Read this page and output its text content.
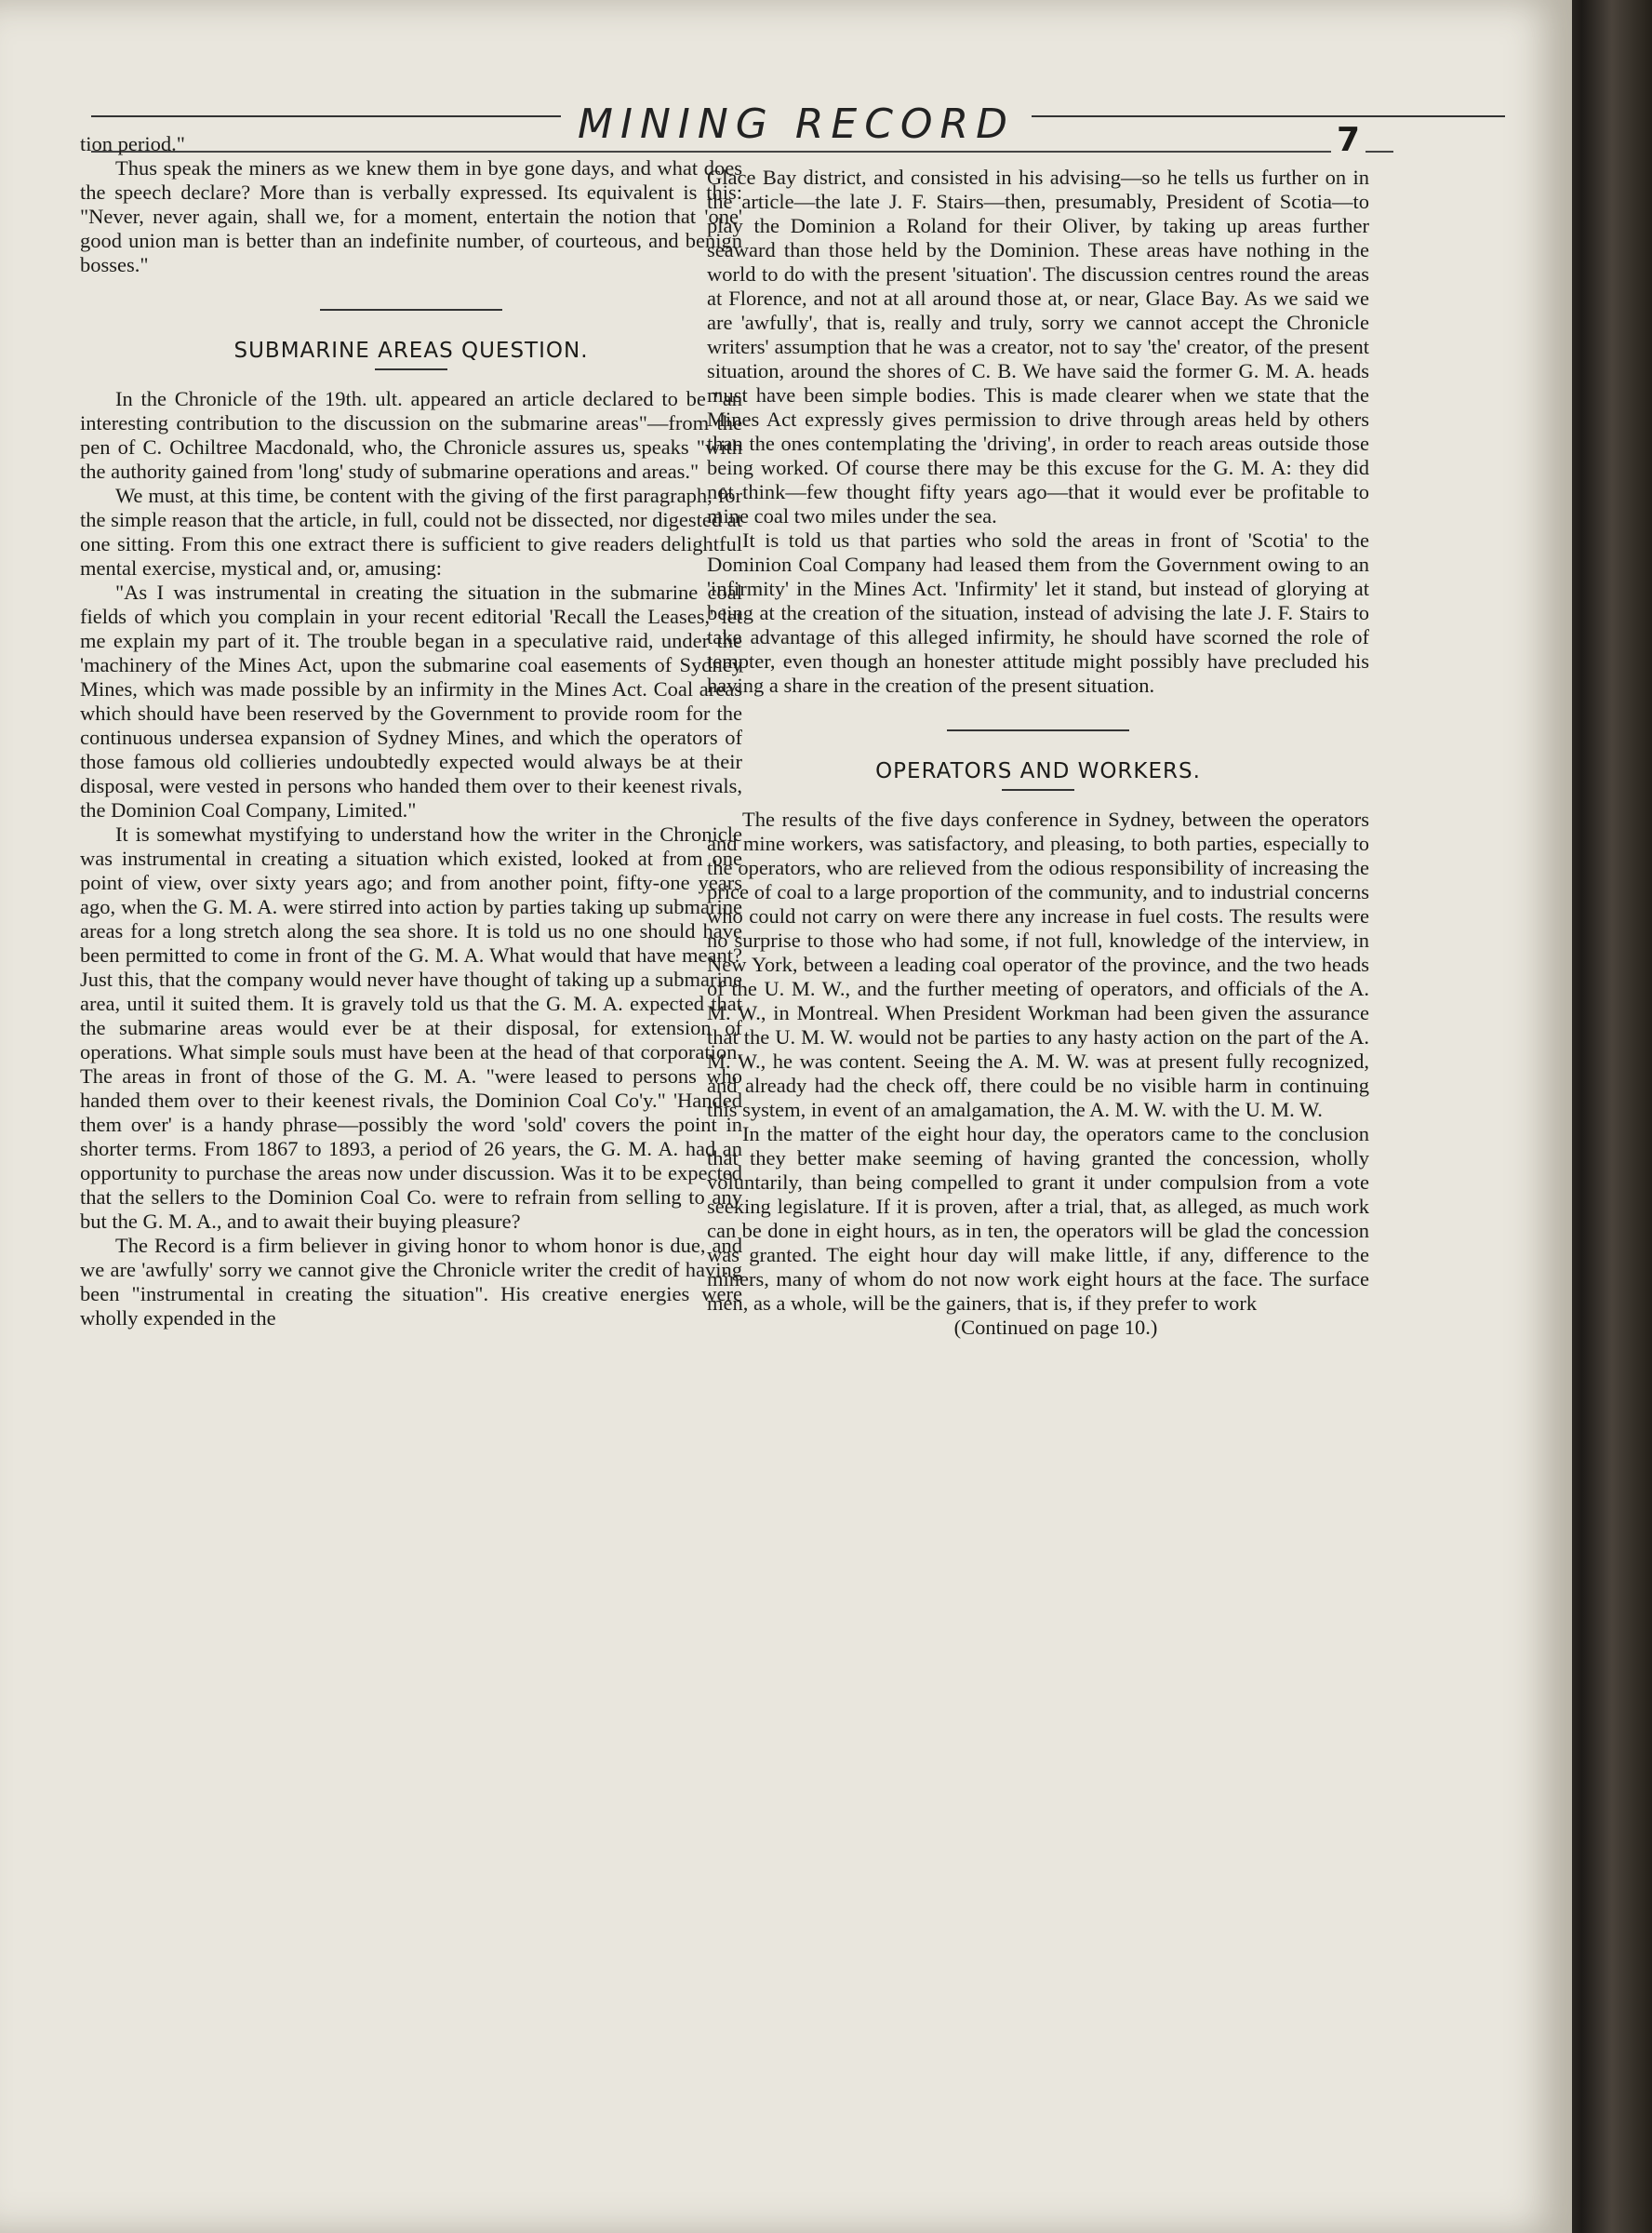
MINING RECORD	7

tion period."

Thus speak the miners as we knew them in bye gone days, and what does the speech declare? More than is verbally expressed. Its equivalent is this: "Never, never again, shall we, for a moment, entertain the notion that 'one' good union man is better than an indefinite number, of courteous, and benign bosses."

SUBMARINE AREAS QUESTION.

In the Chronicle of the 19th. ult. appeared an article declared to be "an interesting contribution to the discussion on the submarine areas"—from the pen of C. Ochiltree Macdonald, who, the Chronicle assures us, speaks "with the authority gained from 'long' study of submarine operations and areas."

We must, at this time, be content with the giving of the first paragraph, for the simple reason that the article, in full, could not be dissected, nor digested at one sitting. From this one extract there is sufficient to give readers delightful mental exercise, mystical and, or, amusing:

"As I was instrumental in creating the situation in the submarine coal fields of which you complain in your recent editorial 'Recall the Leases,' let me explain my part of it. The trouble began in a speculative raid, under the 'machinery of the Mines Act, upon the submarine coal easements of Sydney Mines, which was made possible by an infirmity in the Mines Act. Coal areas which should have been reserved by the Government to provide room for the continuous undersea expansion of Sydney Mines, and which the operators of those famous old collieries undoubtedly expected would always be at their disposal, were vested in persons who handed them over to their keenest rivals, the Dominion Coal Company, Limited."

It is somewhat mystifying to understand how the writer in the Chronicle was instrumental in creating a situation which existed, looked at from one point of view, over sixty years ago; and from another point, fifty-one years ago, when the G. M. A. were stirred into action by parties taking up submarine areas for a long stretch along the sea shore. It is told us no one should have been permitted to come in front of the G. M. A. What would that have meant? Just this, that the company would never have thought of taking up a submarine area, until it suited them. It is gravely told us that the G. M. A. expected that the submarine areas would ever be at their disposal, for extension of operations. What simple souls must have been at the head of that corporation. The areas in front of those of the G. M. A. "were leased to persons who handed them over to their keenest rivals, the Dominion Coal Co'y." 'Handed them over' is a handy phrase—possibly the word 'sold' covers the point in shorter terms. From 1867 to 1893, a period of 26 years, the G. M. A. had an opportunity to purchase the areas now under discussion. Was it to be expected that the sellers to the Dominion Coal Co. were to refrain from selling to any but the G. M. A., and to await their buying pleasure?

The Record is a firm believer in giving honor to whom honor is due, and we are 'awfully' sorry we cannot give the Chronicle writer the credit of having been "instrumental in creating the situation". His creative energies were wholly expended in the

Glace Bay district, and consisted in his advising—so he tells us further on in the article—the late J. F. Stairs—then, presumably, President of Scotia—to play the Dominion a Roland for their Oliver, by taking up areas further seaward than those held by the Dominion. These areas have nothing in the world to do with the present 'situation'. The discussion centres round the areas at Florence, and not at all around those at, or near, Glace Bay. As we said we are 'awfully', that is, really and truly, sorry we cannot accept the Chronicle writers' assumption that he was a creator, not to say 'the' creator, of the present situation, around the shores of C. B. We have said the former G. M. A. heads must have been simple bodies. This is made clearer when we state that the Mines Act expressly gives permission to drive through areas held by others than the ones contemplating the 'driving', in order to reach areas outside those being worked. Of course there may be this excuse for the G. M. A: they did not think—few thought fifty years ago—that it would ever be profitable to mine coal two miles under the sea.

It is told us that parties who sold the areas in front of 'Scotia' to the Dominion Coal Company had leased them from the Government owing to an 'infirmity' in the Mines Act. 'Infirmity' let it stand, but instead of glorying at being at the creation of the situation, instead of advising the late J. F. Stairs to take advantage of this alleged infirmity, he should have scorned the role of tempter, even though an honester attitude might possibly have precluded his having a share in the creation of the present situation.

OPERATORS AND WORKERS.

The results of the five days conference in Sydney, between the operators and mine workers, was satisfactory, and pleasing, to both parties, especially to the operators, who are relieved from the odious responsibility of increasing the price of coal to a large proportion of the community, and to industrial concerns who could not carry on were there any increase in fuel costs. The results were no surprise to those who had some, if not full, knowledge of the interview, in New York, between a leading coal operator of the province, and the two heads of the U. M. W., and the further meeting of operators, and officials of the A. M. W., in Montreal. When President Workman had been given the assurance that the U. M. W. would not be parties to any hasty action on the part of the A. M. W., he was content. Seeing the A. M. W. was at present fully recognized, and already had the check off, there could be no visible harm in continuing this system, in event of an amalgamation, the A. M. W. with the U. M. W.

In the matter of the eight hour day, the operators came to the conclusion that they better make seeming of having granted the concession, wholly voluntarily, than being compelled to grant it under compulsion from a vote seeking legislature. If it is proven, after a trial, that, as alleged, as much work can be done in eight hours, as in ten, the operators will be glad the concession was granted. The eight hour day will make little, if any, difference to the miners, many of whom do not now work eight hours at the face. The surface men, as a whole, will be the gainers, that is, if they prefer to work

(Continued on page 10.)
